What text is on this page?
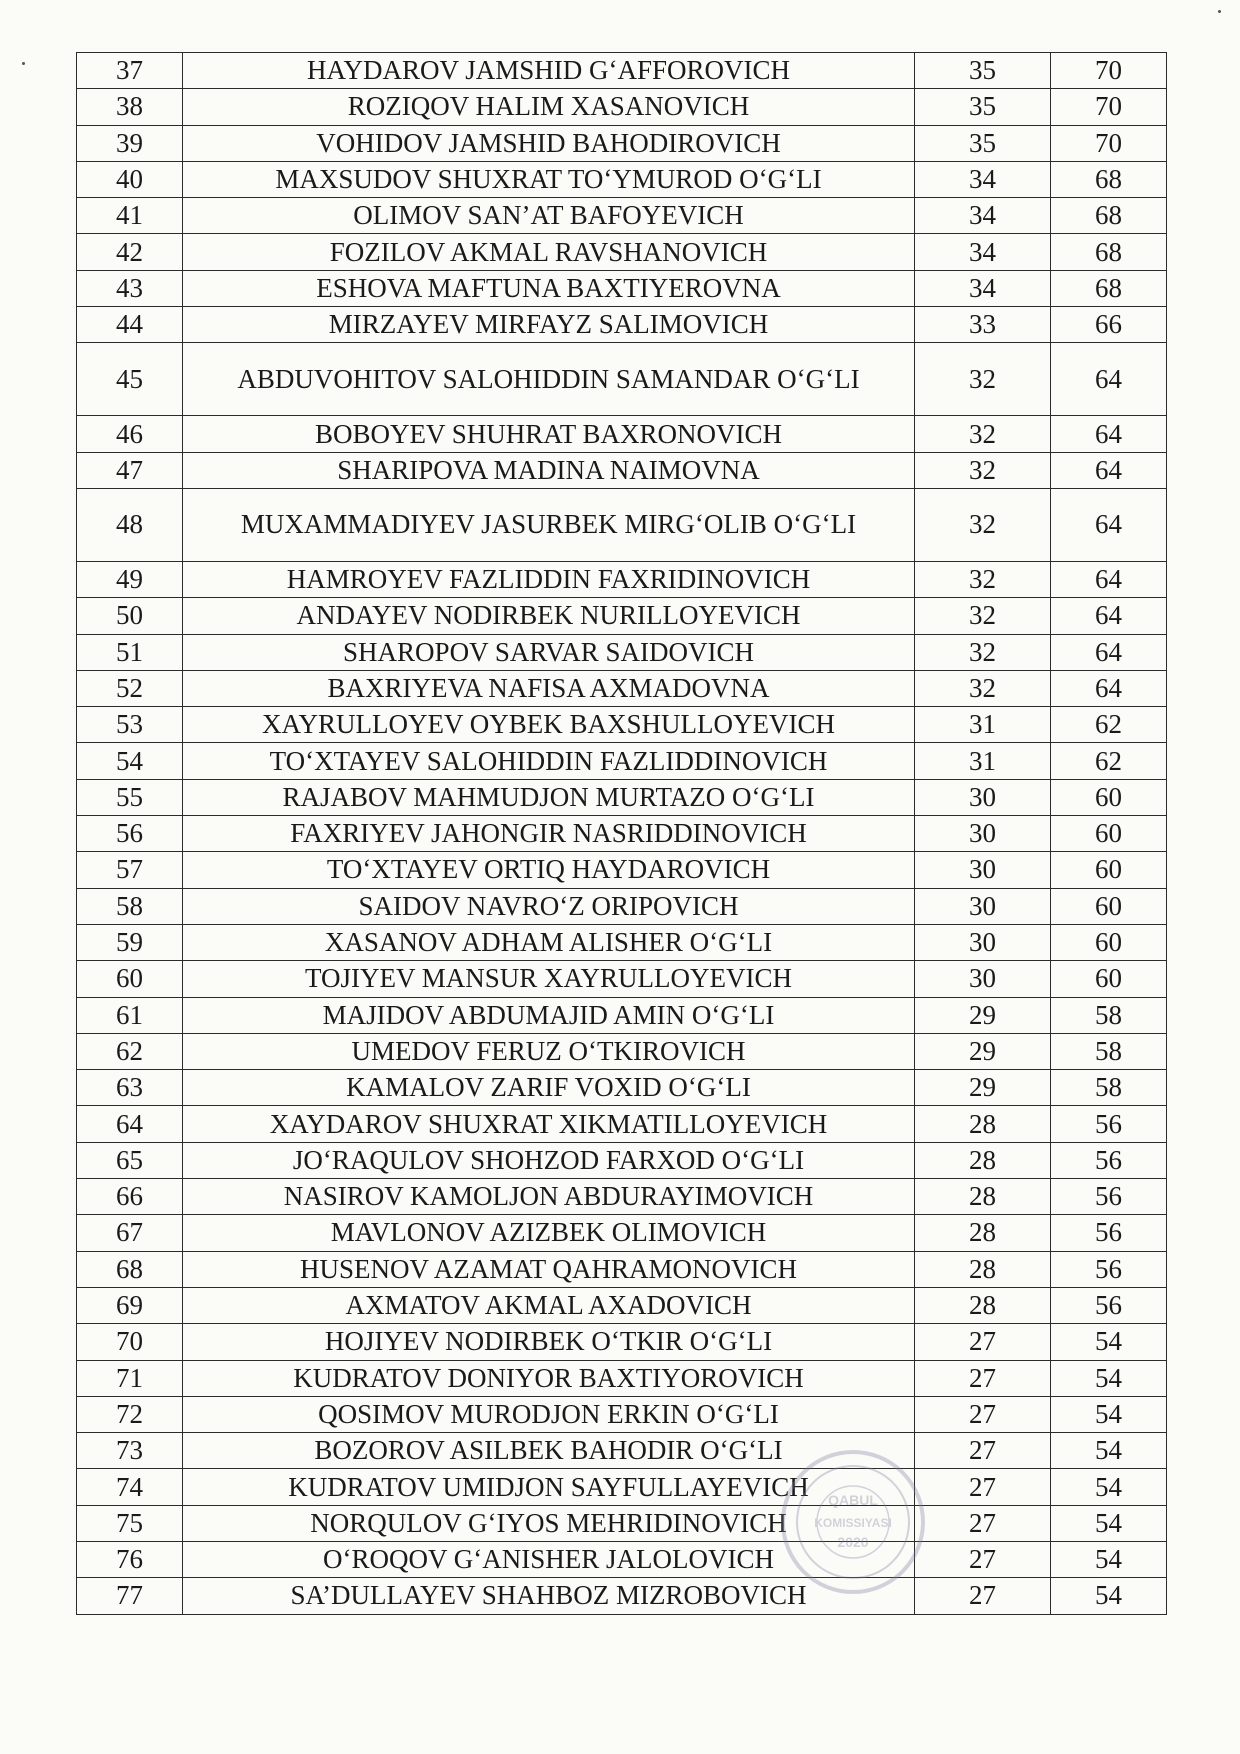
37	HAYDAROV JAMSHID G‘AFFOROVICH	35	70
38	ROZIQOV HALIM XASANOVICH	35	70
39	VOHIDOV JAMSHID BAHODIROVICH	35	70
40	MAXSUDOV SHUXRAT TO‘YMUROD O‘G‘LI	34	68
41	OLIMOV SAN’AT BAFOYEVICH	34	68
42	FOZILOV AKMAL RAVSHANOVICH	34	68
43	ESHOVA MAFTUNA BAXTIYEROVNA	34	68
44	MIRZAYEV MIRFAYZ SALIMOVICH	33	66
45	ABDUVOHITOV SALOHIDDIN SAMANDAR O‘G‘LI	32	64
46	BOBOYEV SHUHRAT BAXRONOVICH	32	64
47	SHARIPOVA MADINA NAIMOVNA	32	64
48	MUXAMMADIYEV JASURBEK MIRG‘OLIB O‘G‘LI	32	64
49	HAMROYEV FAZLIDDIN FAXRIDINOVICH	32	64
50	ANDAYEV NODIRBEK NURILLOYEVICH	32	64
51	SHAROPOV SARVAR SAIDOVICH	32	64
52	BAXRIYEVA NAFISA AXMADOVNA	32	64
53	XAYRULLOYEV OYBEK BAXSHULLOYEVICH	31	62
54	TO‘XTAYEV SALOHIDDIN FAZLIDDINOVICH	31	62
55	RAJABOV MAHMUDJON MURTAZO O‘G‘LI	30	60
56	FAXRIYEV JAHONGIR NASRIDDINOVICH	30	60
57	TO‘XTAYEV ORTIQ HAYDAROVICH	30	60
58	SAIDOV NAVRO‘Z ORIPOVICH	30	60
59	XASANOV ADHAM ALISHER O‘G‘LI	30	60
60	TOJIYEV MANSUR XAYRULLOYEVICH	30	60
61	MAJIDOV ABDUMAJID AMIN O‘G‘LI	29	58
62	UMEDOV FERUZ O‘TKIROVICH	29	58
63	KAMALOV ZARIF VOXID O‘G‘LI	29	58
64	XAYDAROV SHUXRAT XIKMATILLOYEVICH	28	56
65	JO‘RAQULOV SHOHZOD FARXOD O‘G‘LI	28	56
66	NASIROV KAMOLJON ABDURAYIMOVICH	28	56
67	MAVLONOV AZIZBEK OLIMOVICH	28	56
68	HUSENOV AZAMAT QAHRAMONOVICH	28	56
69	AXMATOV AKMAL AXADOVICH	28	56
70	HOJIYEV NODIRBEK O‘TKIR O‘G‘LI	27	54
71	KUDRATOV DONIYOR BAXTIYOROVICH	27	54
72	QOSIMOV MURODJON ERKIN O‘G‘LI	27	54
73	BOZOROV ASILBEK BAHODIR O‘G‘LI	27	54
74	KUDRATOV UMIDJON SAYFULLAYEVICH	27	54
75	NORQULOV G‘IYOS MEHRIDINOVICH	27	54
76	O‘ROQOV G‘ANISHER JALOLOVICH	27	54
77	SA’DULLAYEV SHAHBOZ MIZROBOVICH	27	54
QABUL
KOMISSIYASI
2020
